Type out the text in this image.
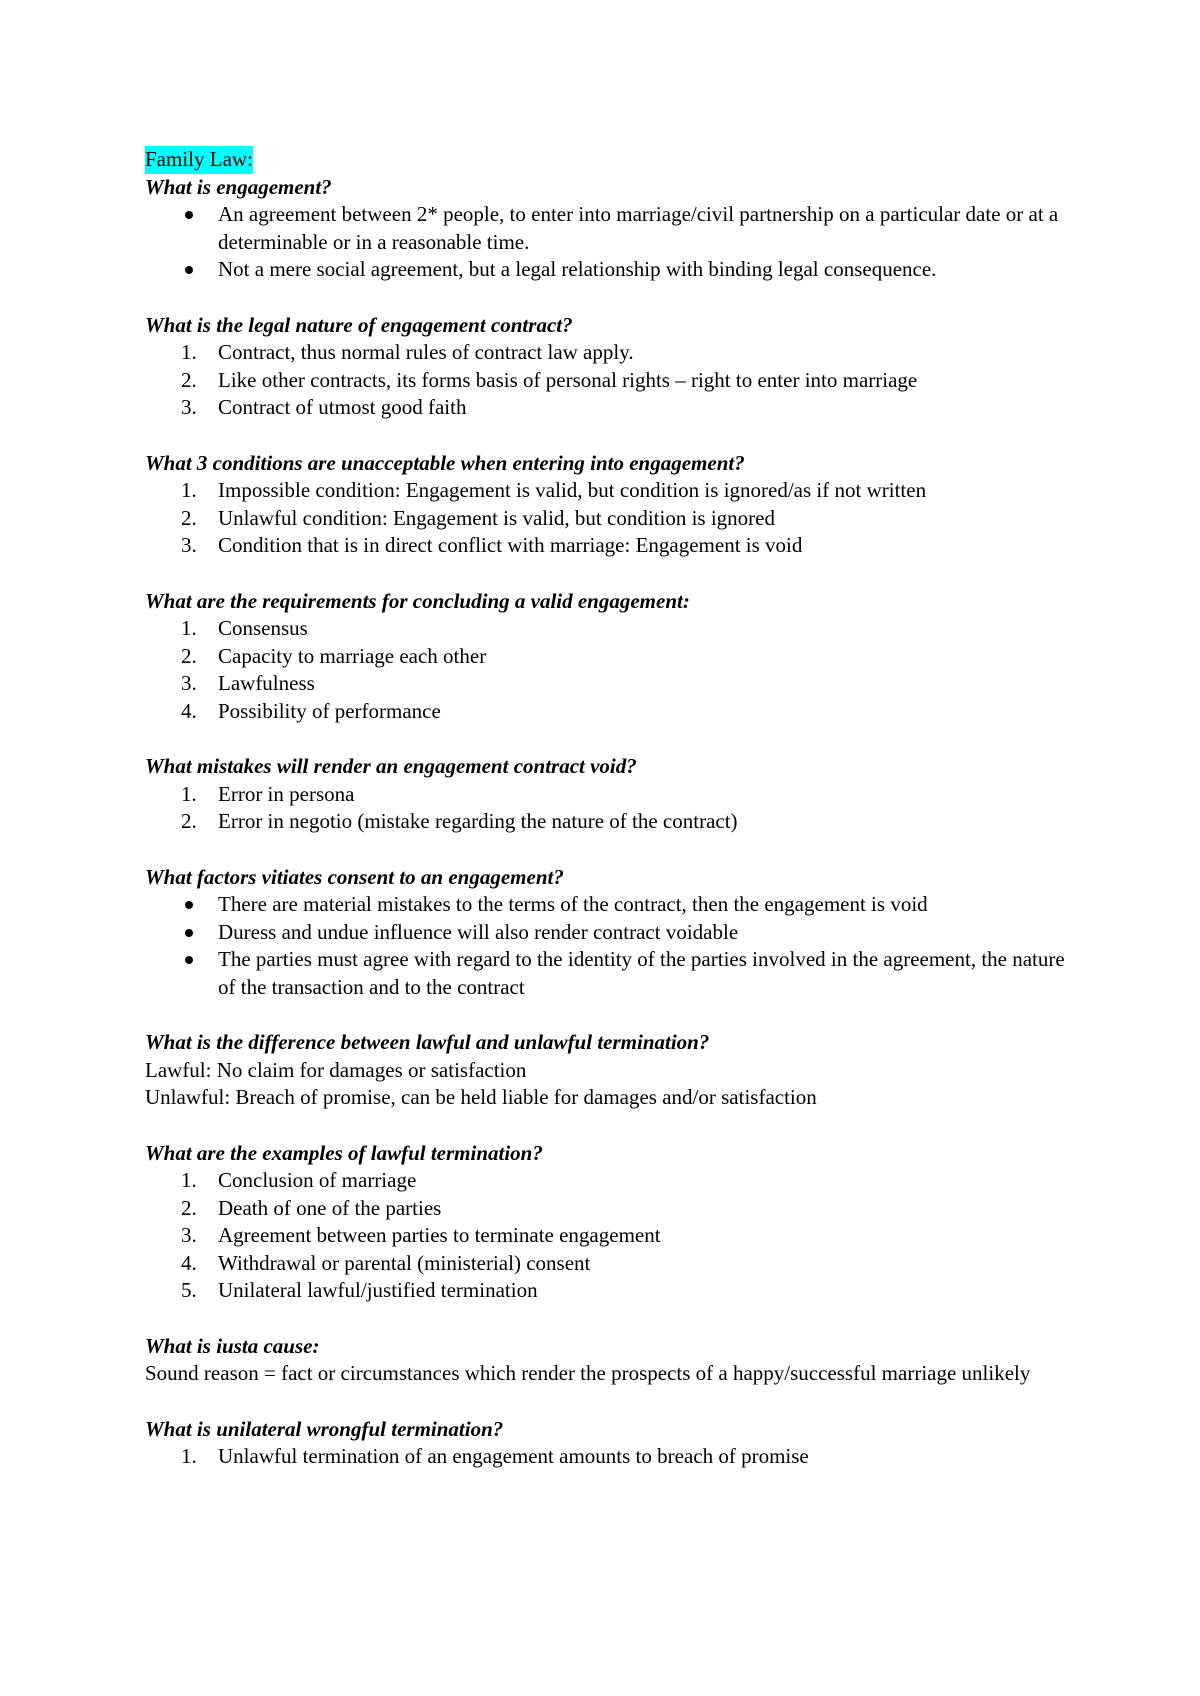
Family Law:
What is engagement?
An agreement between 2* people, to enter into marriage/civil partnership on a particular date or at a determinable or in a reasonable time.
Not a mere social agreement, but a legal relationship with binding legal consequence.
What is the legal nature of engagement contract?
1.	Contract, thus normal rules of contract law apply.
2.	Like other contracts, its forms basis of personal rights – right to enter into marriage
3.	Contract of utmost good faith
What 3 conditions are unacceptable when entering into engagement?
1.	Impossible condition: Engagement is valid, but condition is ignored/as if not written
2.	Unlawful condition: Engagement is valid, but condition is ignored
3.	Condition that is in direct conflict with marriage: Engagement is void
What are the requirements for concluding a valid engagement:
1.	Consensus
2.	Capacity to marriage each other
3.	Lawfulness
4.	Possibility of performance
What mistakes will render an engagement contract void?
1.	Error in persona
2.	Error in negotio (mistake regarding the nature of the contract)
What factors vitiates consent to an engagement?
There are material mistakes to the terms of the contract, then the engagement is void
Duress and undue influence will also render contract voidable
The parties must agree with regard to the identity of the parties involved in the agreement, the nature of the transaction and to the contract
What is the difference between lawful and unlawful termination?

Lawful: No claim for damages or satisfaction

Unlawful: Breach of promise, can be held liable for damages and/or satisfaction

What are the examples of lawful termination?
1.	Conclusion of marriage
2.	Death of one of the parties
3.	Agreement between parties to terminate engagement
4.	Withdrawal or parental (ministerial) consent
5.	Unilateral lawful/justified termination
What is iusta cause:

Sound reason = fact or circumstances which render the prospects of a happy/successful marriage unlikely

What is unilateral wrongful termination?
1.	Unlawful termination of an engagement amounts to breach of promise
